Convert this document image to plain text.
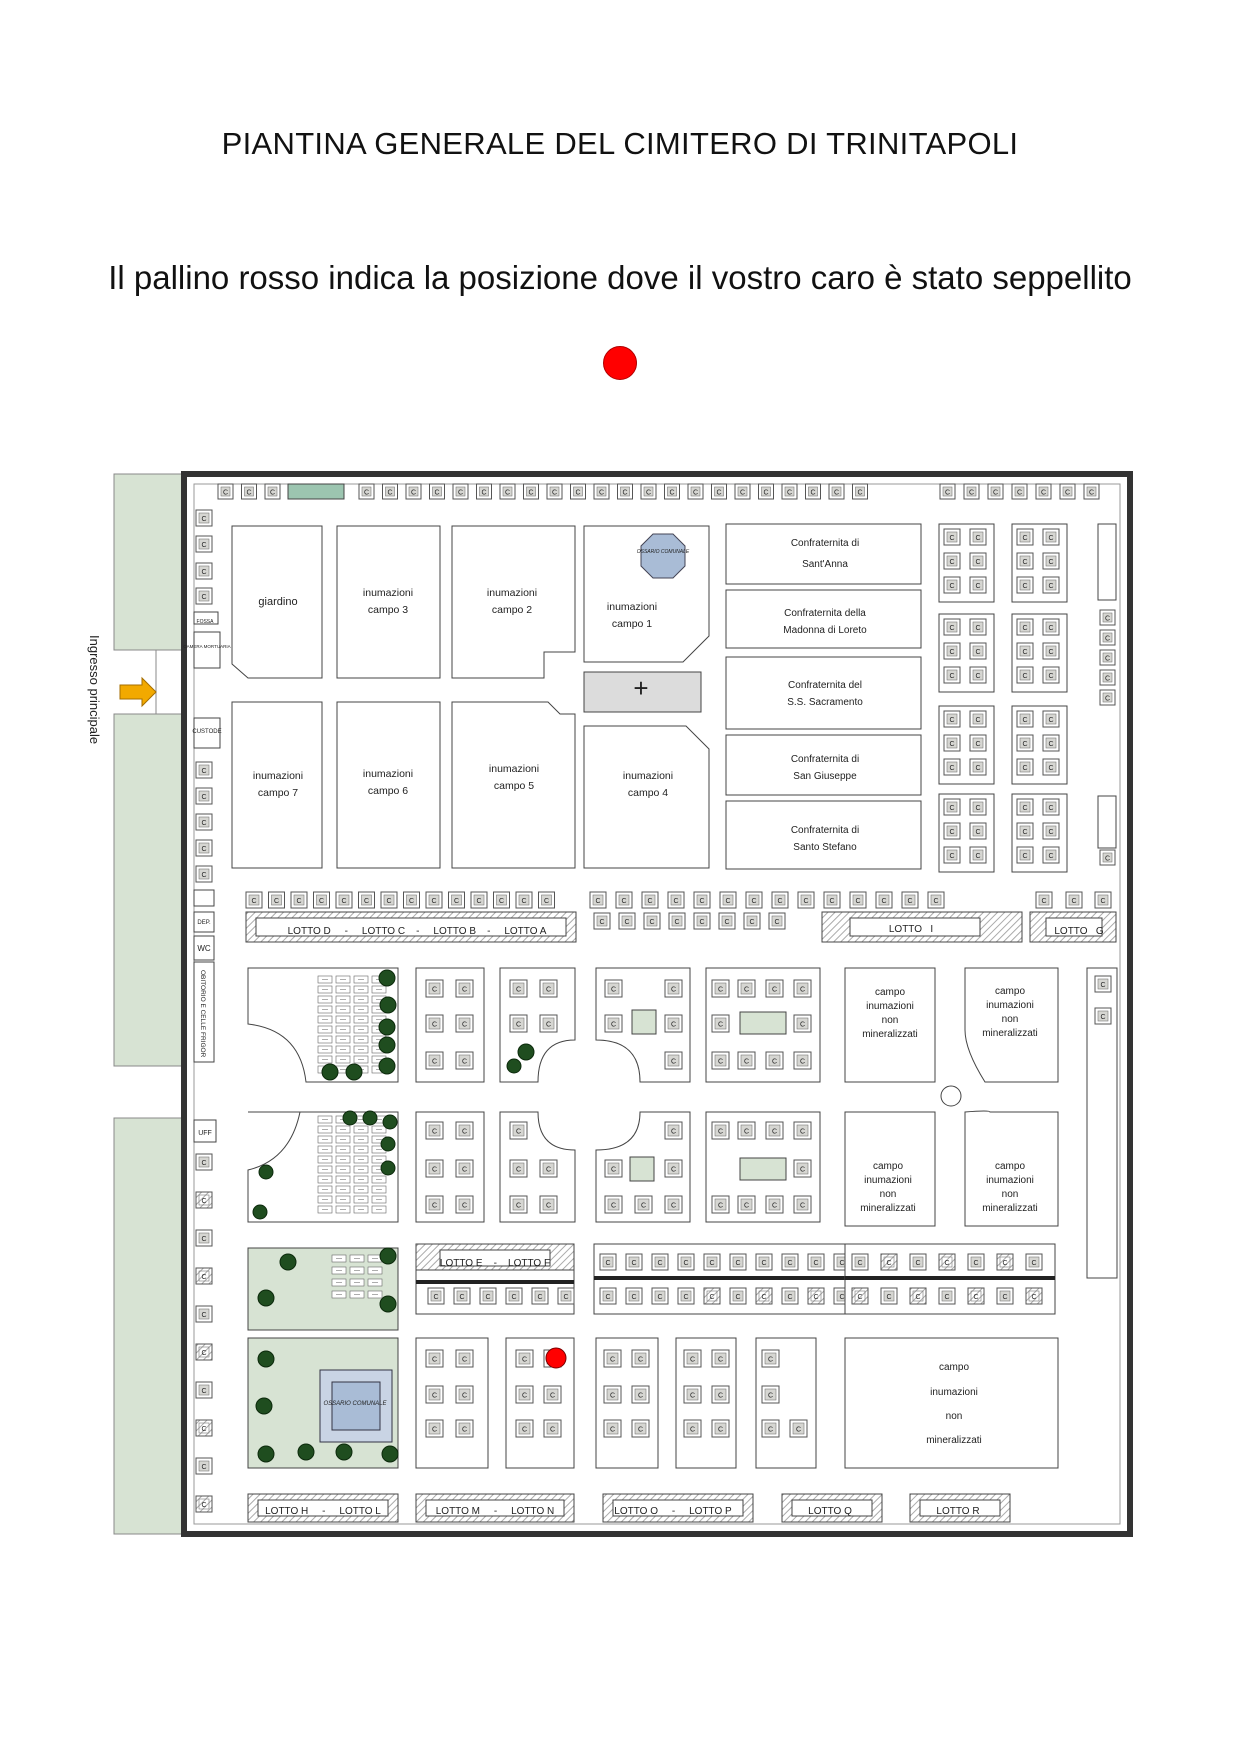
PIANTINA GENERALE DEL CIMITERO DI TRINITAPOLI
Il pallino rosso indica la posizione dove il vostro caro è stato seppellito
Ingresso principale
C	C	C	C	C	C	C	C	C	C	C	C	C	C	C	C	C	C	C	C	C	C	C	C	C	C	C	C	C	C	C	C
C
C
C
C
C
C
C
C
C
C
C
C
C
C
C
C
C
C
C
C	C
C	C
C	C
C	C
C	C
C	C
C	C
C	C
C	C
C	C
C	C
C	C
C	C
C	C
C	C
C	C
C	C
C	C
C	C
C	C
C	C
C	C
C	C
C	C
C
C
C
C
C
C
C C C C C C C C C C C C C C	C	C	C	C	C	C	C	C	C	C	C	C	C	C	C	C	C
C	C	C	C	C	C	C	C
C	C
C	C
C	C
C	C
C	C
C	C
C	C
C
C	C	C	C
C	C
C	C	C	C
C
C
C	C
C	C
C	C
C
C	C
C	C
C
C
C
C	C	C
C	C	C	C
C
C	C	C	C
C	C	C	C	C	C
C	C	C	C	C	C	C	C	C	C
C	C	C	C	C	C	C	C	C	C
C	C	C	C	C	C	C
C	C	C	C	C	C	C
C	C
C	C
C	C
C
C	C
C	C
C	C
C	C
C	C
C	C
C	C
C	C
C
C
C	C
giardino
inumazioni
campo 3
inumazioni
campo 2	inumazioni
campo 1
inumazioni
campo 7
inumazioni
campo 6
inumazioni
campo 5
inumazioni
campo 4
OSSARIO COMUNALE
+
Confraternita di
Sant'Anna
Confraternita della
Madonna di Loreto
Confraternita del
S.S. Sacramento
Confraternita di
San Giuseppe
Confraternita di
Santo Stefano
FOSSA
CAMERA MORTUARIA
CUSTODE
DEP.
WC
OBITORIO E CELLE FRIGOR
UFF
LOTTO D     -     LOTTO C    -     LOTTO B    -     LOTTO A	LOTTO   I	LOTTO   G
LOTTO E    -    LOTTO F
LOTTO H     -     LOTTO L	LOTTO M     -     LOTTO N	LOTTO O     -     LOTTO P	LOTTO Q	LOTTO R
campo
inumazioni
non
mineralizzati
campo
inumazioni
non
mineralizzati
campo
inumazioni
non
mineralizzati
campo
inumazioni
non
mineralizzati
campo
inumazioni
non
mineralizzati
OSSARIO COMUNALE
